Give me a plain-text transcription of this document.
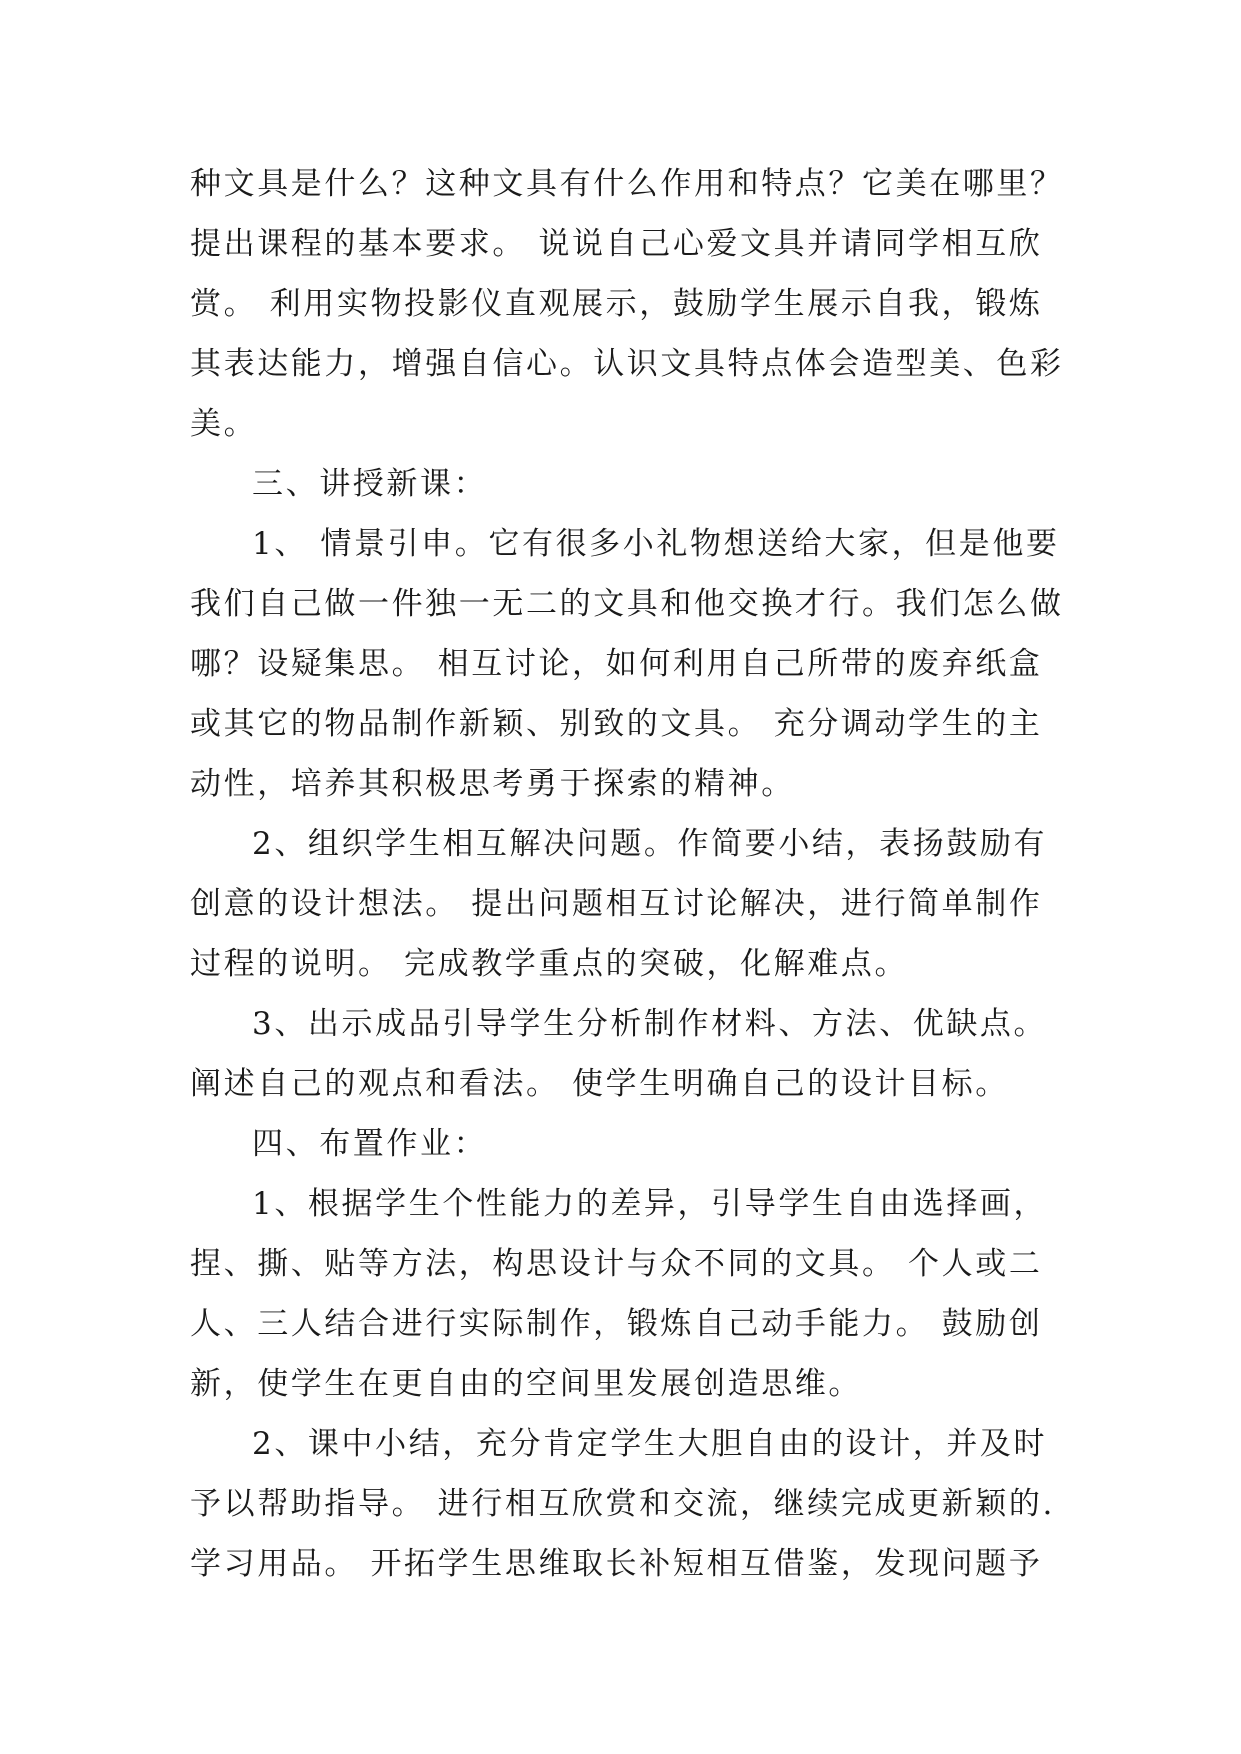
种文具是什么？这种文具有什么作用和特点？它美在哪里？
提出课程的基本要求。 说说自己心爱文具并请同学相互欣
赏。 利用实物投影仪直观展示，鼓励学生展示自我，锻炼
其表达能力，增强自信心。认识文具特点体会造型美、色彩
美。
三、讲授新课：
1、 情景引申。它有很多小礼物想送给大家，但是他要
我们自己做一件独一无二的文具和他交换才行。我们怎么做
哪？设疑集思。 相互讨论，如何利用自己所带的废弃纸盒
或其它的物品制作新颖、别致的文具。 充分调动学生的主
动性，培养其积极思考勇于探索的精神。
2、组织学生相互解决问题。作简要小结，表扬鼓励有
创意的设计想法。 提出问题相互讨论解决，进行简单制作
过程的说明。 完成教学重点的突破，化解难点。
3、出示成品引导学生分析制作材料、方法、优缺点。
阐述自己的观点和看法。 使学生明确自己的设计目标。
四、布置作业：
1、根据学生个性能力的差异，引导学生自由选择画，
捏、撕、贴等方法，构思设计与众不同的文具。 个人或二
人、三人结合进行实际制作，锻炼自己动手能力。 鼓励创
新，使学生在更自由的空间里发展创造思维。
2、课中小结，充分肯定学生大胆自由的设计，并及时
予以帮助指导。 进行相互欣赏和交流，继续完成更新颖的.
学习用品。 开拓学生思维取长补短相互借鉴，发现问题予
